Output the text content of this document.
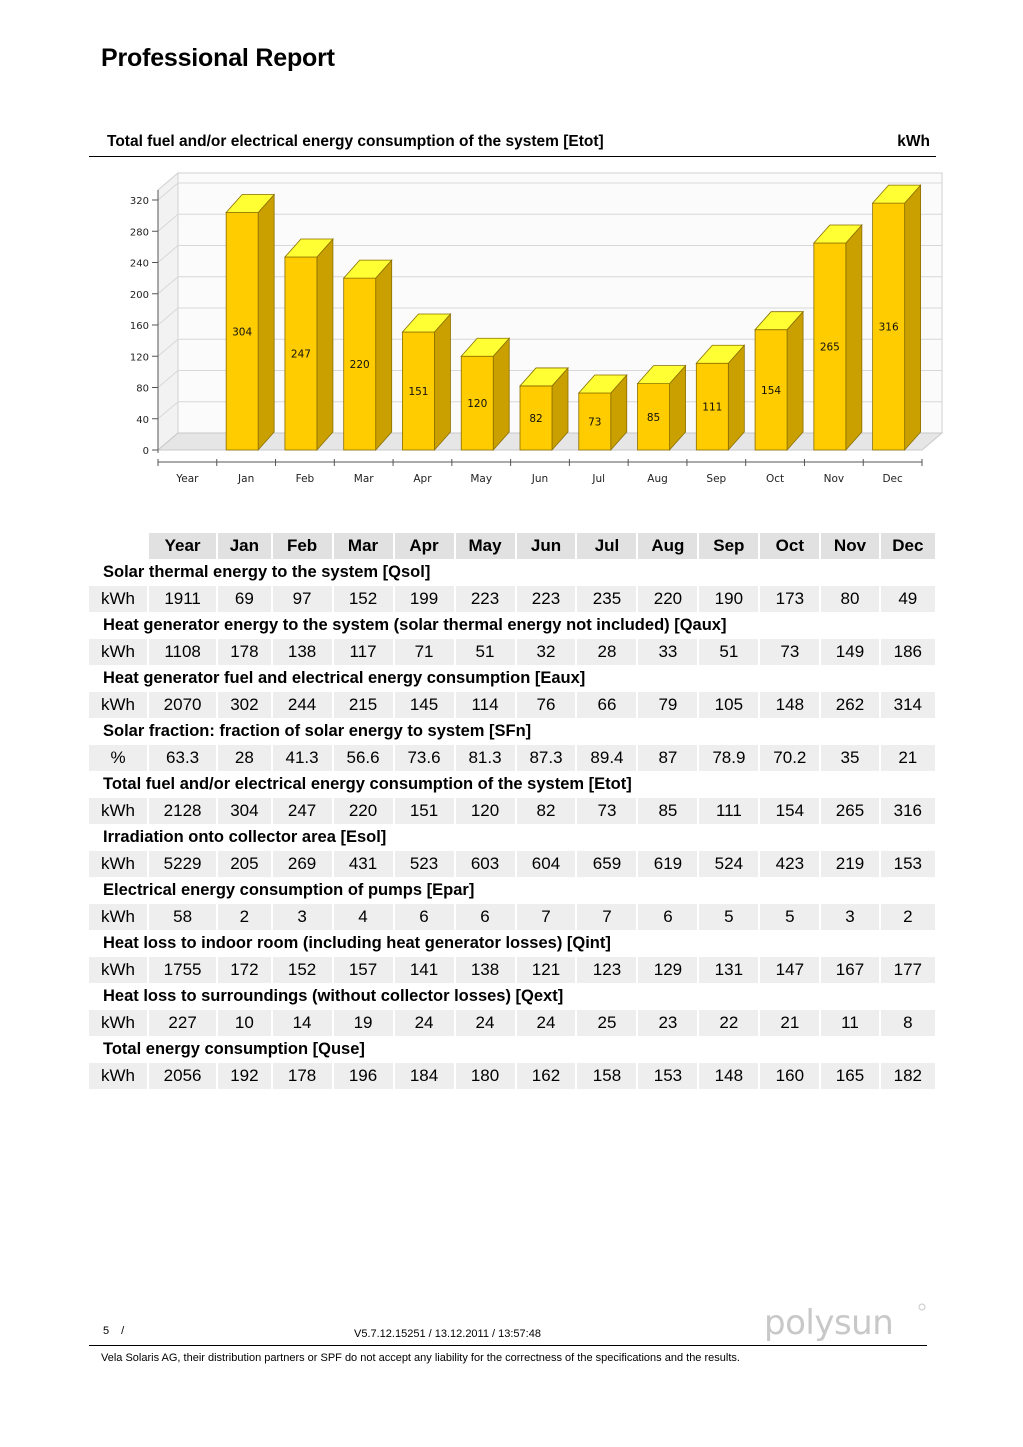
Professional Report
Total fuel and/or electrical energy consumption of the system [Etot]	kWh
0
40
80
120
160
200
240
280
320
Year	Jan
304
Feb
247
Mar
220
Apr
151
May
120
Jun
82
Jul
73
Aug
85
Sep
111
Oct
154
Nov
265
Dec
316
	Year	Jan	Feb	Mar	Apr	May	Jun	Jul	Aug	Sep	Oct	Nov	Dec
Solar thermal energy to the system [Qsol]													
kWh	1911	69	97	152	199	223	223	235	220	190	173	80	49
Heat generator energy to the system (solar thermal energy not included) [Qaux]													
kWh	1108	178	138	117	71	51	32	28	33	51	73	149	186
Heat generator fuel and electrical energy consumption [Eaux]													
kWh	2070	302	244	215	145	114	76	66	79	105	148	262	314
Solar fraction: fraction of solar energy to system [SFn]													
%	63.3	28	41.3	56.6	73.6	81.3	87.3	89.4	87	78.9	70.2	35	21
Total fuel and/or electrical energy consumption of the system [Etot]													
kWh	2128	304	247	220	151	120	82	73	85	111	154	265	316
Irradiation onto collector area [Esol]													
kWh	5229	205	269	431	523	603	604	659	619	524	423	219	153
Electrical energy consumption of pumps [Epar]													
kWh	58	2	3	4	6	6	7	7	6	5	5	3	2
Heat loss to indoor room (including heat generator losses) [Qint]													
kWh	1755	172	152	157	141	138	121	123	129	131	147	167	177
Heat loss to surroundings (without collector losses) [Qext]													
kWh	227	10	14	19	24	24	24	25	23	22	21	11	8
Total energy consumption [Quse]													
kWh	2056	192	178	196	184	180	162	158	153	148	160	165	182
5 /	V5.7.12.15251 / 13.12.2011 / 13:57:48	polysun
Vela Solaris AG, their distribution partners or SPF do not accept any liability for the correctness of the specifications and the results.
